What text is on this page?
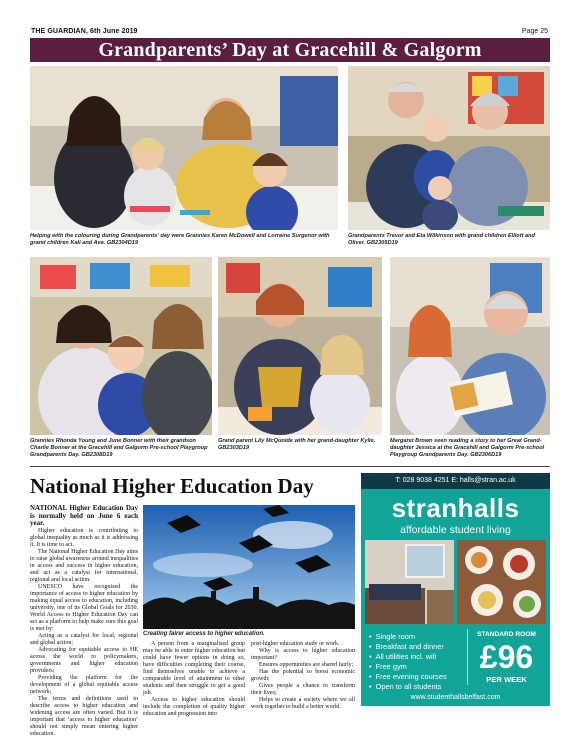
THE GUARDIAN, 6th June 2019	Page 25
Grandparents’ Day at Gracehill & Galgorm
Helping with the colouring during Grandparents’ day were Grannies Karen McDowell and Lorraine Surgenor with grand children Kali and Ava. GB2304D19
Grandparents Trevor and Eta Wilkinson with grand children Elliott and Oliver. GB2305D19
Grannies Rhonda Young and June Bonner with their grandson Charlie Bonner at the Gracehill and Galgorm Pre-school Playgroup Grandparents Day. GB2308D19
Grand parent Lily McQuoide with her grand-daughter Kylie. GB2303D19
Margaret Brown seen reading a story to her Great Grand-daughter Jessica at the Gracehill and Galgorm Pre-school Playgroup Grandparents Day. GB2306D19
National Higher Education Day

NATIONAL Higher Education Day is normally held on June 6 each year.

Higher education is contributing to global inequality as much as it is addressing it. It is time to act.

The National Higher Education Day aims to raise global awareness around inequalities in access and success in higher education, and act as a catalyst for international, regional and local action.

UNESCO have recognised the importance of access to higher education by making equal access to education, including university, one of its Global Goals for 2030. World Access to Higher Education Day can act as a platform to help make sure this goal is met by:

Acting as a catalyst for local, regional and global action;

Advocating for equitable access to HE across the world to policymakers, governments and higher education providers;

Providing the platform for the development of a global equitable access network;

The terms and definitions used to describe access to higher education and widening access are often varied. But it is important that ‘access to higher education’ should not simply mean entering higher education.

Creating fairer access to higher education.

A person from a marginalised group may be able to enter higher education but could have fewer options in doing so, have difficulties completing their course, find themselves unable to achieve a comparable level of attainment to other students and then struggle to get a good job.

Access to higher education should include the completion of quality higher education and progression into

post-higher education study or work.

Why is access to higher education important?

Ensures opportunities are shared fairly;

Has the potential to boost economic growth;

Gives people a chance to transform their lives;

Helps to create a society where we all work together to build a better world.

T: 028 9038 4251 E: halls@stran.ac.uk
stranhalls
affordable student living
• Single room
• Breakfast and dinner
• All utilities incl. wifi
• Free gym
• Free evening courses
• Open to all students
STANDARD ROOM
£96
PER WEEK
www.studenthallsbelfast.com
